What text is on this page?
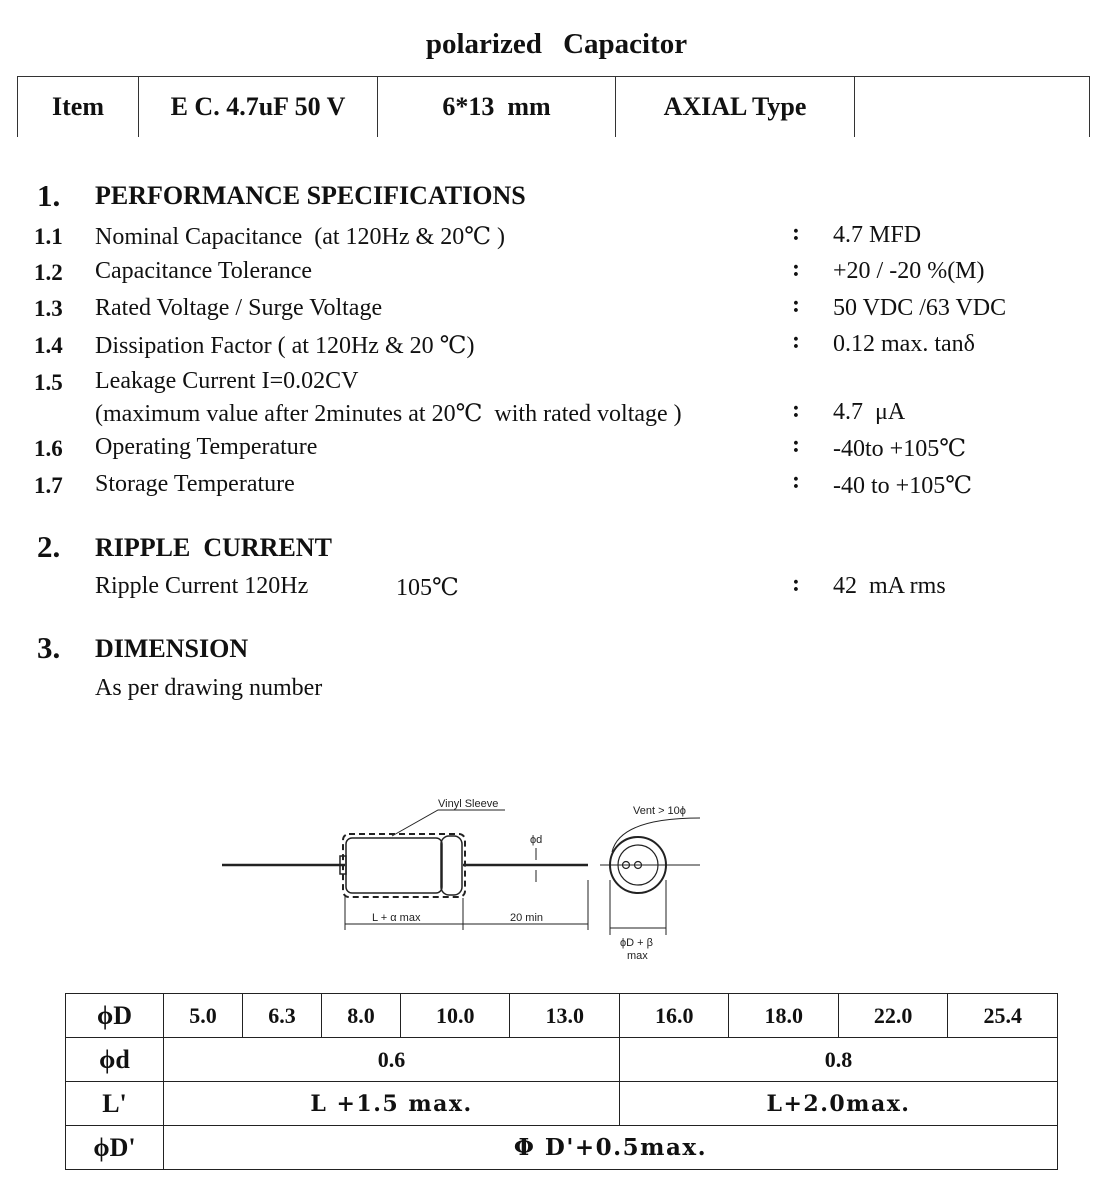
polarized Capacitor
Item	E C. 4.7uF 50 V	6*13  mm	AXIAL Type	
1. PERFORMANCE SPECIFICATIONS
1.1 Nominal Capacitance  (at 120Hz & 20℃ )	: 4.7 MFD
1.2 Capacitance Tolerance	: +20 / -20 %(M)
1.3 Rated Voltage / Surge Voltage	: 50 VDC /63 VDC
1.4 Dissipation Factor ( at 120Hz & 20 ℃)	: 0.12 max. tanδ
1.5 Leakage Current I=0.02CV
(maximum value after 2minutes at 20℃  with rated voltage )	: 4.7  μA
1.6 Operating Temperature	: -40to +105℃
1.7 Storage Temperature	: -40 to +105℃
2. RIPPLE  CURRENT
Ripple Current 120Hz	105℃	: 42  mA rms
3. DIMENSION
As per drawing number
Vinyl Sleeve
Vent > 10ϕ
ϕd
L + α max	20 min
ϕD + β
max
ϕD	5.0	6.3	8.0	10.0	13.0	16.0	18.0	22.0	25.4
ϕd	0.6					0.8			
L'	L +1.5 max.					L+2.0max.			
ϕD'	Φ D'+0.5max.								
